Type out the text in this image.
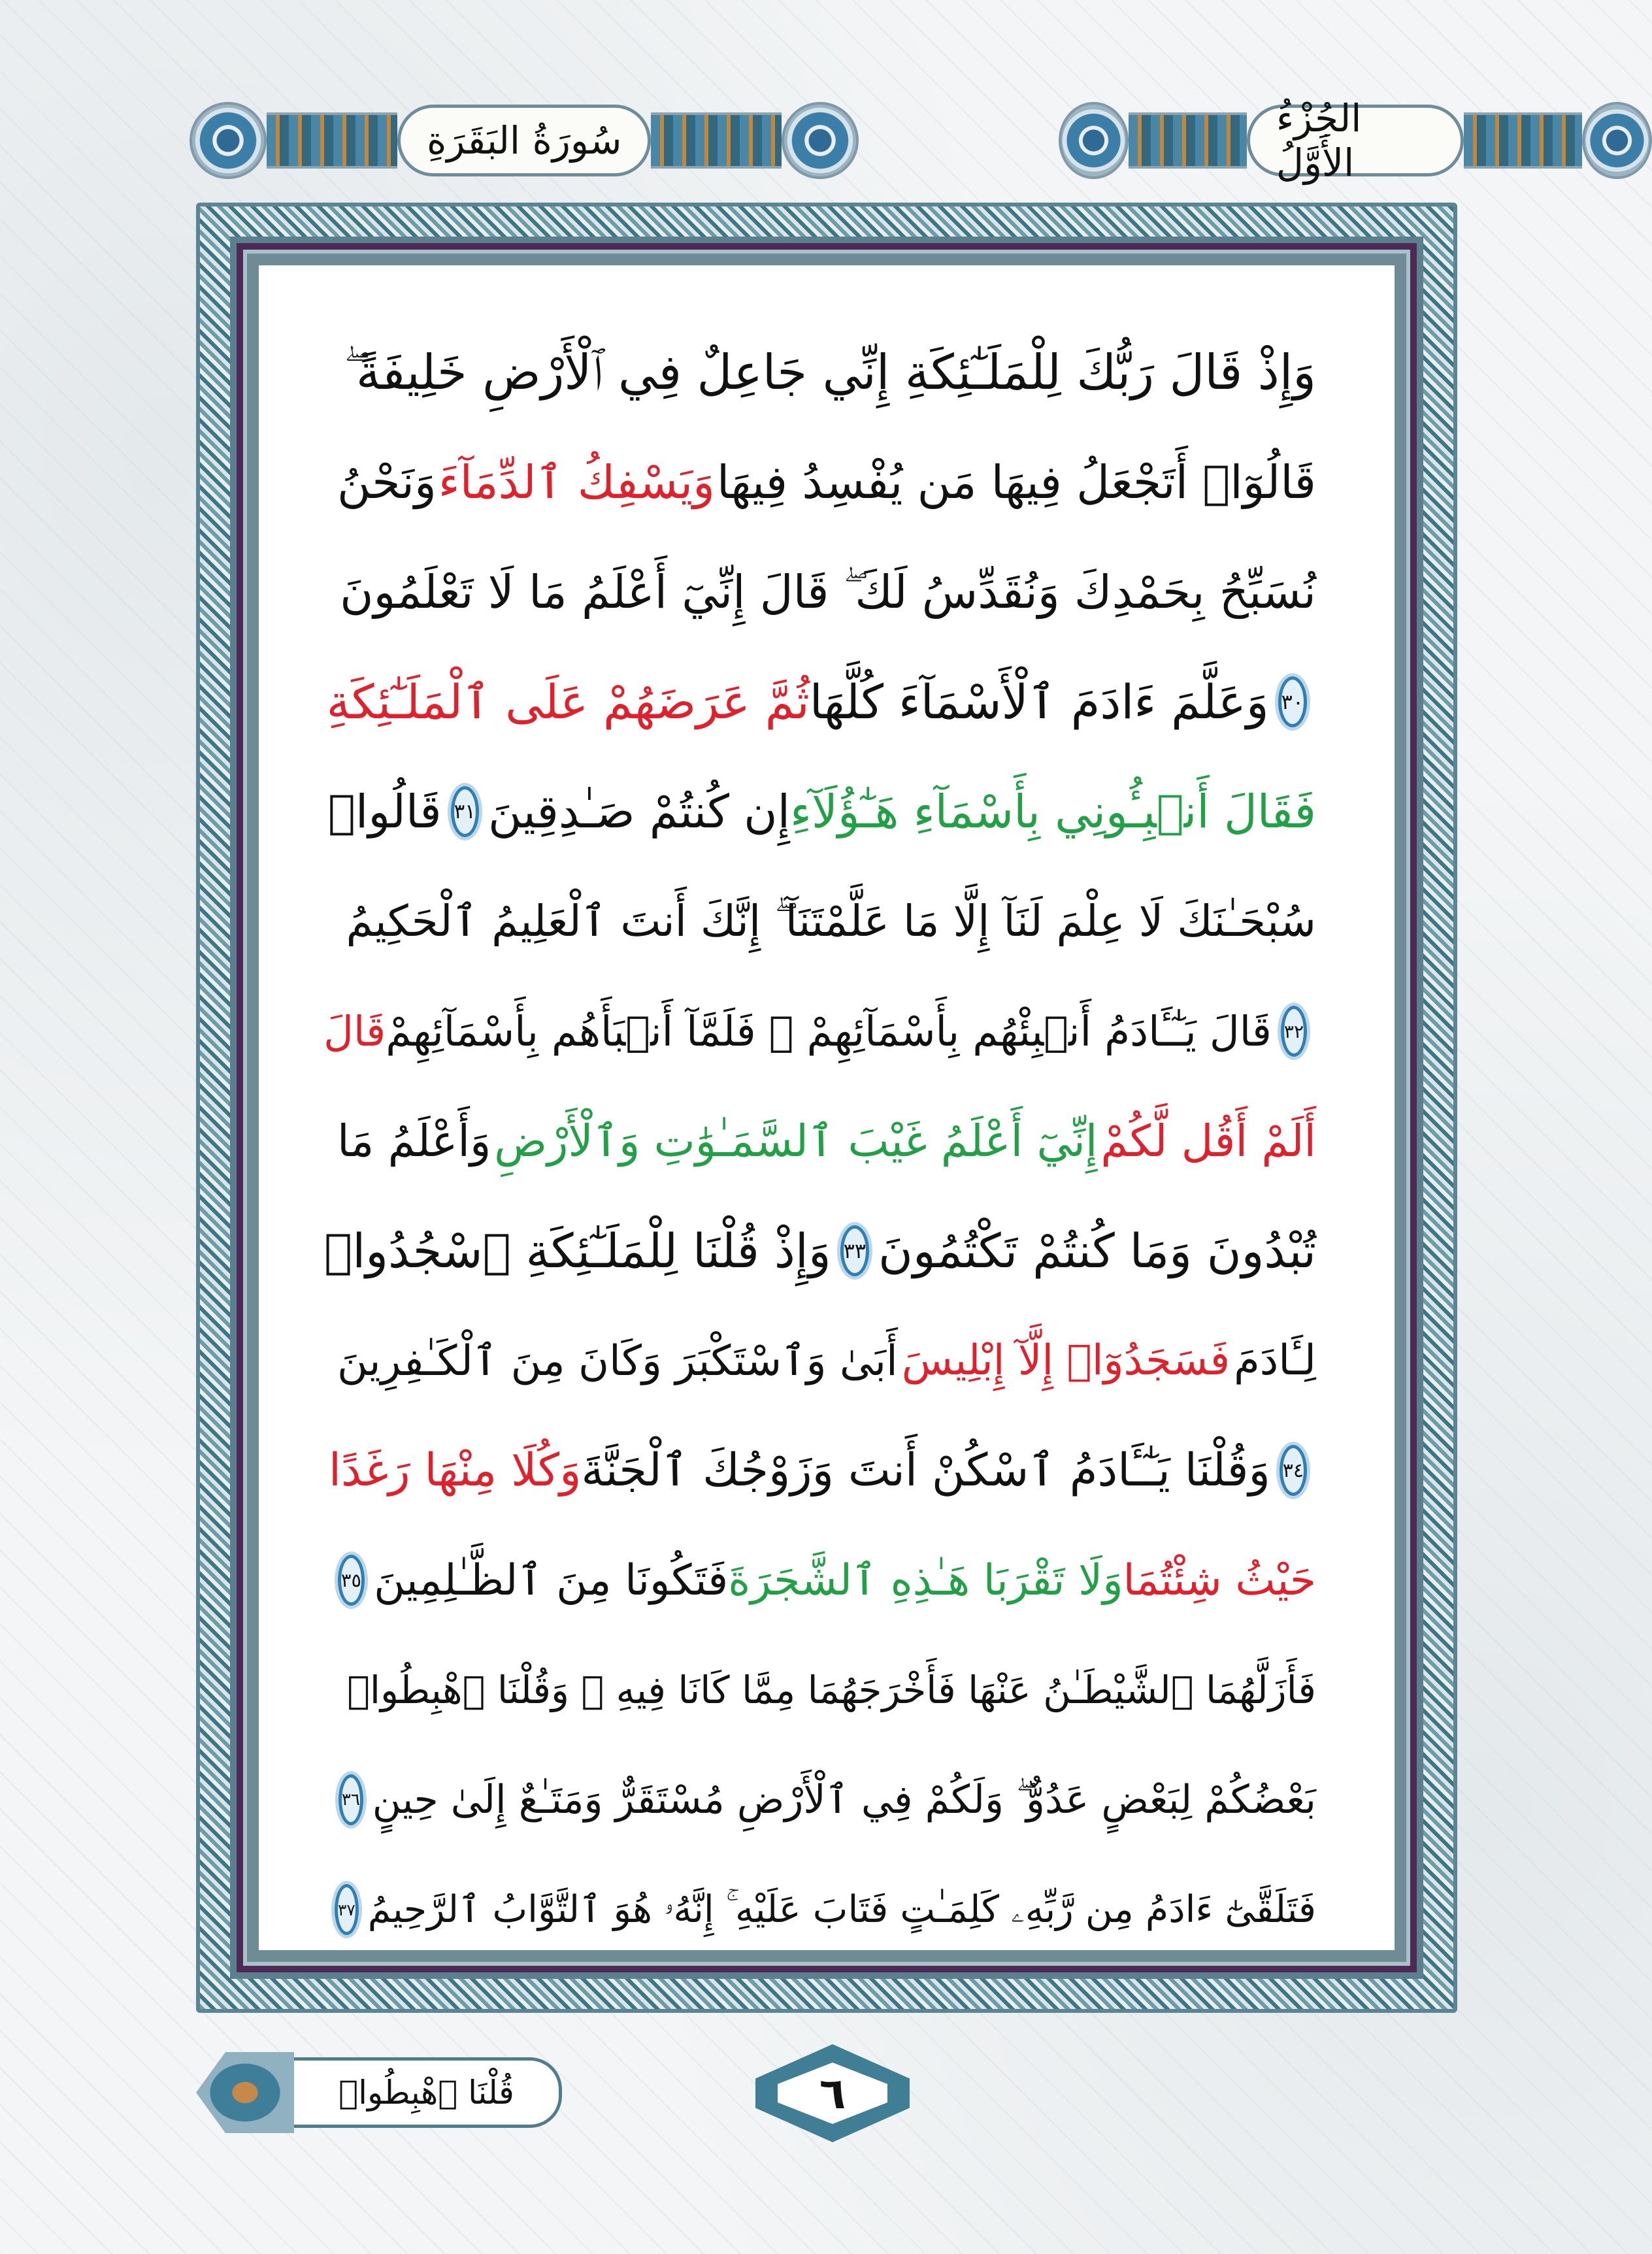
سُورَةُ البَقَرَةِ	الجُزْءُ الأَوَّلُ
وَإِذْ قَالَ رَبُّكَ لِلْمَلَـٰٓئِكَةِ إِنِّي جَاعِلٌ فِي ٱلْأَرْضِ خَلِيفَةً ۖ
قَالُوٓا۟ أَتَجْعَلُ فِيهَا مَن يُفْسِدُ فِيهَا
وَيَسْفِكُ ٱلدِّمَآءَ
وَنَحْنُ
نُسَبِّحُ بِحَمْدِكَ وَنُقَدِّسُ لَكَ ۖ قَالَ إِنِّيٓ أَعْلَمُ مَا لَا تَعْلَمُونَ
٣٠
وَعَلَّمَ ءَادَمَ ٱلْأَسْمَآءَ كُلَّهَا
ثُمَّ عَرَضَهُمْ عَلَى ٱلْمَلَـٰٓئِكَةِ
فَقَالَ أَنۢبِـُٔونِي بِأَسْمَآءِ هَـٰٓؤُلَآءِ
إِن كُنتُمْ صَـٰدِقِينَ
٣١
قَالُوا۟
سُبْحَـٰنَكَ لَا عِلْمَ لَنَآ إِلَّا مَا عَلَّمْتَنَآ ۖ إِنَّكَ أَنتَ ٱلْعَلِيمُ ٱلْحَكِيمُ
٣٢
قَالَ يَـٰٓـَٔادَمُ أَنۢبِئْهُم بِأَسْمَآئِهِمْ ۖ فَلَمَّآ أَنۢبَأَهُم بِأَسْمَآئِهِمْ
قَالَ
أَلَمْ أَقُل لَّكُمْ
إِنِّيٓ أَعْلَمُ غَيْبَ ٱلسَّمَـٰوَٰتِ وَٱلْأَرْضِ
وَأَعْلَمُ مَا
تُبْدُونَ وَمَا كُنتُمْ تَكْتُمُونَ
٣٣
وَإِذْ قُلْنَا لِلْمَلَـٰٓئِكَةِ ٱسْجُدُوا۟
لِـَٔادَمَ
فَسَجَدُوٓا۟ إِلَّآ إِبْلِيسَ
أَبَىٰ وَٱسْتَكْبَرَ وَكَانَ مِنَ ٱلْكَـٰفِرِينَ
٣٤
وَقُلْنَا يَـٰٓـَٔادَمُ ٱسْكُنْ أَنتَ وَزَوْجُكَ ٱلْجَنَّةَ
وَكُلَا مِنْهَا رَغَدًا
حَيْثُ شِئْتُمَا
وَلَا تَقْرَبَا هَـٰذِهِ ٱلشَّجَرَةَ
فَتَكُونَا مِنَ ٱلظَّـٰلِمِينَ
٣٥
فَأَزَلَّهُمَا ٱلشَّيْطَـٰنُ عَنْهَا فَأَخْرَجَهُمَا مِمَّا كَانَا فِيهِ ۖ وَقُلْنَا ٱهْبِطُوا۟
بَعْضُكُمْ لِبَعْضٍ عَدُوٌّ ۖ وَلَكُمْ فِي ٱلْأَرْضِ مُسْتَقَرٌّ وَمَتَـٰعٌ إِلَىٰ حِينٍ
٣٦
فَتَلَقَّىٰٓ ءَادَمُ مِن رَّبِّهِۦ كَلِمَـٰتٍ فَتَابَ عَلَيْهِ ۚ إِنَّهُۥ هُوَ ٱلتَّوَّابُ ٱلرَّحِيمُ
٣٧
قُلْنَا ٱهْبِطُوا۟	٦
